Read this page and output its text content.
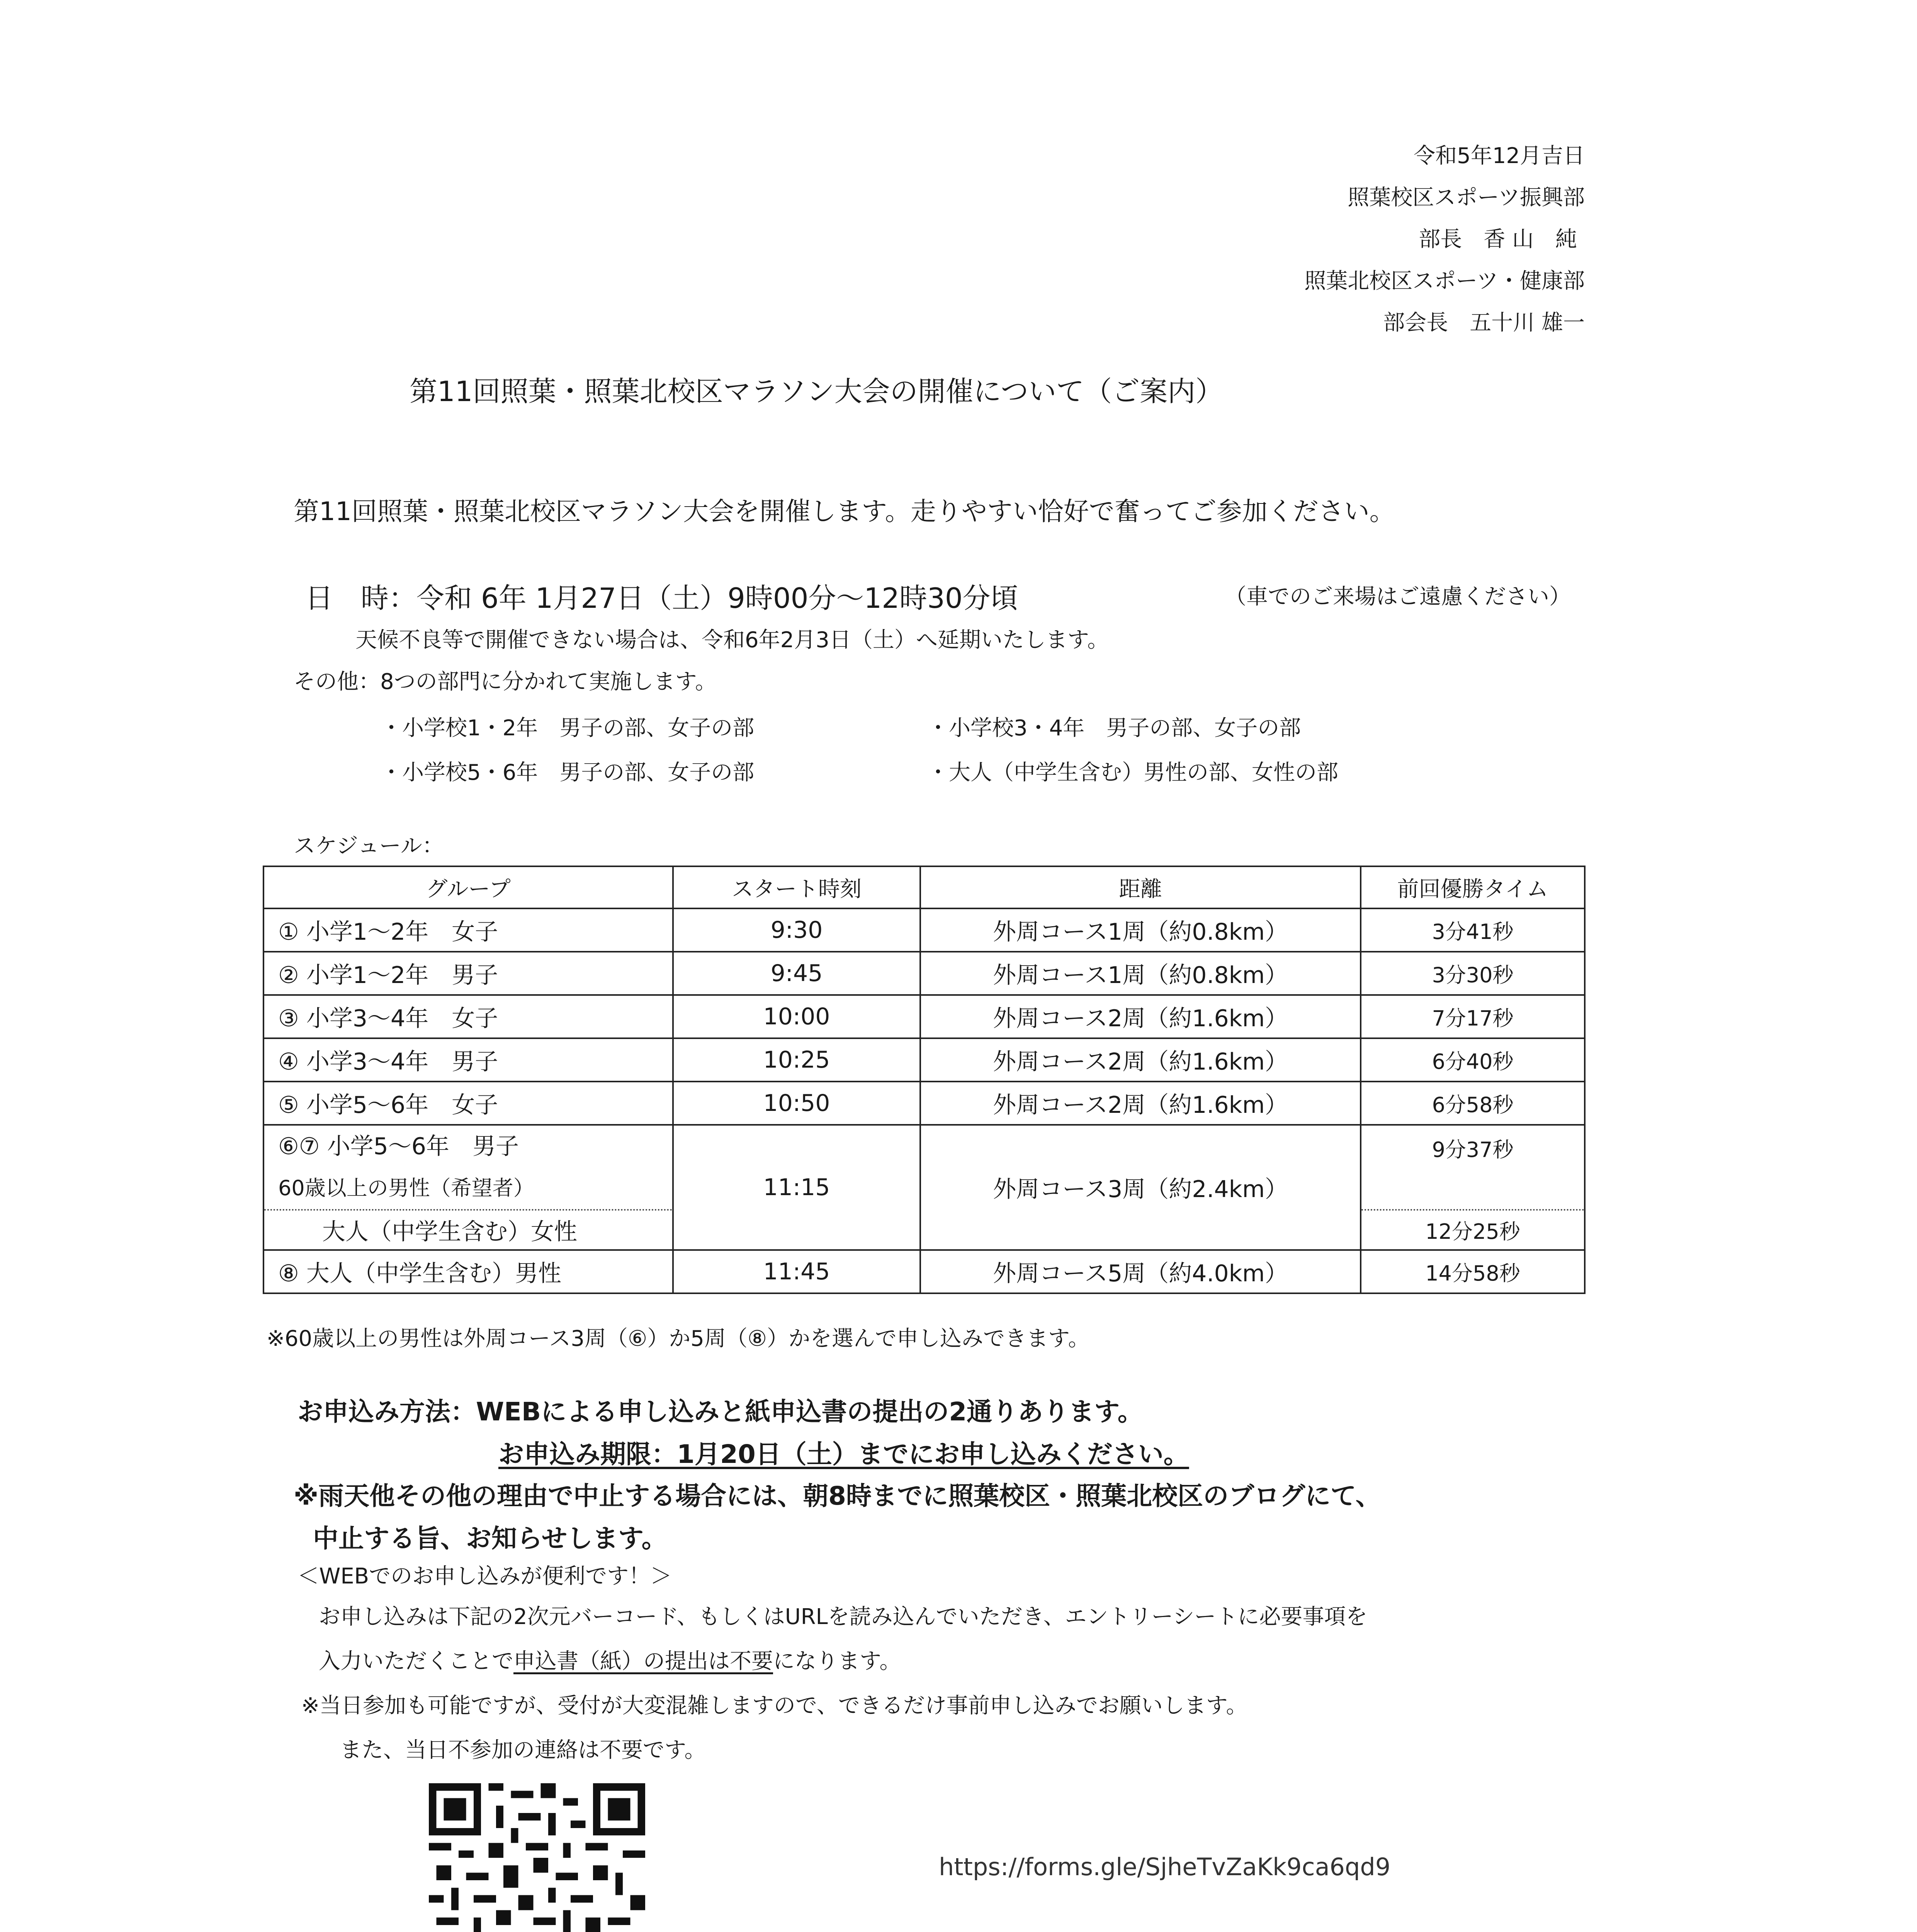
令和5年12月吉日
照葉校区スポーツ振興部
部長　香 山　純
照葉北校区スポーツ・健康部
部会長　五十川 雄一
第11回照葉・照葉北校区マラソン大会の開催について（ご案内）
第11回照葉・照葉北校区マラソン大会を開催します。走りやすい恰好で奮ってご参加ください。
日　時：令和 6年 1月27日（土）9時00分～12時30分頃	（車でのご来場はご遠慮ください）
天候不良等で開催できない場合は、令和6年2月3日（土）へ延期いたします。
その他：8つの部門に分かれて実施します。
・小学校1・2年　男子の部、女子の部	・小学校3・4年　男子の部、女子の部
・小学校5・6年　男子の部、女子の部	・大人（中学生含む）男性の部、女性の部
スケジュール：
グループ	スタート時刻	距離	前回優勝タイム
① 小学1～2年　女子	9:30	外周コース1周（約0.8km）	3分41秒
② 小学1～2年　男子	9:45	外周コース1周（約0.8km）	3分30秒
③ 小学3～4年　女子	10:00	外周コース2周（約1.6km）	7分17秒
④ 小学3～4年　男子	10:25	外周コース2周（約1.6km）	6分40秒
⑤ 小学5～6年　女子	10:50	外周コース2周（約1.6km）	6分58秒

⑥⑦ 小学5～6年　男子
60歳以上の男性（希望者）	11:15	外周コース3周（約2.4km）	9分37秒
大人（中学生含む）女性			12分25秒
⑧ 大人（中学生含む）男性	11:45	外周コース5周（約4.0km）	14分58秒
※60歳以上の男性は外周コース3周（⑥）か5周（⑧）かを選んで申し込みできます。
お申込み方法：WEBによる申し込みと紙申込書の提出の2通りあります。
お申込み期限：1月20日（土）までにお申し込みください。
※雨天他その他の理由で中止する場合には、朝8時までに照葉校区・照葉北校区のブログにて、
中止する旨、お知らせします。
＜WEBでのお申し込みが便利です！＞
お申し込みは下記の2次元バーコード、もしくはURLを読み込んでいただき、エントリーシートに必要事項を
入力いただくことで申込書（紙）の提出は不要になります。
※当日参加も可能ですが、受付が大変混雑しますので、できるだけ事前申し込みでお願いします。
また、当日不参加の連絡は不要です。
https://forms.gle/SjheTvZaKk9ca6qd9
